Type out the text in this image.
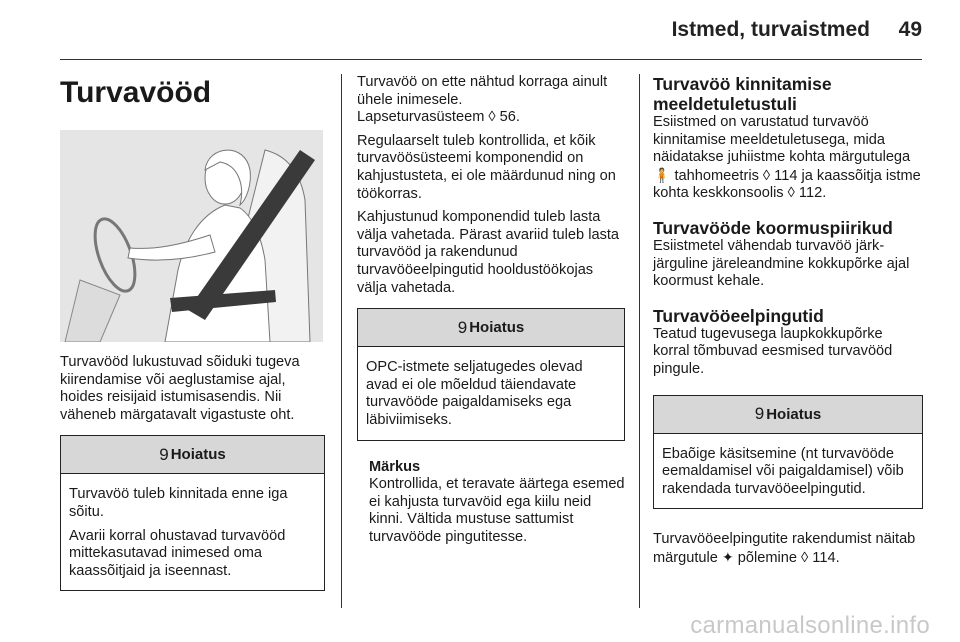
Istmed, turvaistmed 49
Turvavööd

Turvavööd lukustuvad sõiduki tugeva kiirendamise või aeglustamise ajal, hoides reisijaid istumisasendis. Nii väheneb märgatavalt vigastuste oht.

9 Hoiatus

Turvavöö tuleb kinnitada enne iga sõitu.

Avarii korral ohustavad turvavööd mittekasutavad inimesed oma kaassõitjaid ja iseennast.

Turvavöö on ette nähtud korraga ainult ühele inimesele.

Lapseturvasüsteem ◊ 56.

Regulaarselt tuleb kontrollida, et kõik turvavöösüsteemi komponendid on kahjustusteta, ei ole määrdunud ning on töökorras.

Kahjustunud komponendid tuleb lasta välja vahetada. Pärast avariid tuleb lasta turvavööd ja rakendunud turvavööeelpingutid hooldustöökojas välja vahetada.

9 Hoiatus

OPC-istmete seljatugedes olevad avad ei ole mõeldud täiendavate turvavööde paigaldamiseks ega läbiviimiseks.

Märkus

Kontrollida, et teravate äärtega esemed ei kahjusta turvavöid ega kiilu neid kinni. Vältida mustuse sattumist turvavööde pingutitesse.

Turvavöö kinnitamise meeldetuletustuli

Esiistmed on varustatud turvavöö kinnitamise meeldetuletusega, mida näidatakse juhiistme kohta märgutulega 🧍 tahhomeetris ◊ 114 ja kaassõitja istme kohta keskkonsoolis ◊ 112.

Turvavööde koormuspiirikud

Esiistmetel vähendab turvavöö järk- järguline järeleandmine kokkupõrke ajal koormust kehale.

Turvavööeelpingutid

Teatud tugevusega laupkokkupõrke korral tõmbuvad eesmised turvavööd pingule.

9 Hoiatus

Ebaõige käsitsemine (nt turvavööde eemaldamisel või paigaldamisel) võib rakendada turvavööeelpingutid.

Turvavööeelpingutite rakendumist näitab märgutule ✦ põlemine ◊ 114.

carmanualsonline.info
